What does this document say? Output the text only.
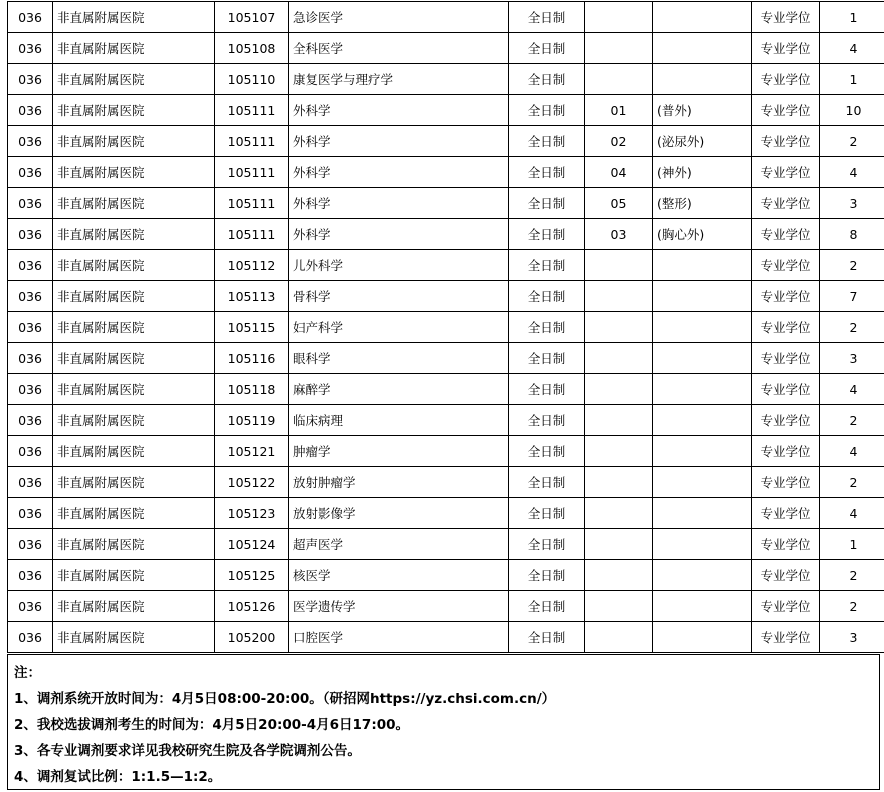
036	非直属附属医院	105107	急诊医学	全日制			专业学位	1
036	非直属附属医院	105108	全科医学	全日制			专业学位	4
036	非直属附属医院	105110	康复医学与理疗学	全日制			专业学位	1
036	非直属附属医院	105111	外科学	全日制	01	(普外)	专业学位	10
036	非直属附属医院	105111	外科学	全日制	02	(泌尿外)	专业学位	2
036	非直属附属医院	105111	外科学	全日制	04	(神外)	专业学位	4
036	非直属附属医院	105111	外科学	全日制	05	(整形)	专业学位	3
036	非直属附属医院	105111	外科学	全日制	03	(胸心外)	专业学位	8
036	非直属附属医院	105112	儿外科学	全日制			专业学位	2
036	非直属附属医院	105113	骨科学	全日制			专业学位	7
036	非直属附属医院	105115	妇产科学	全日制			专业学位	2
036	非直属附属医院	105116	眼科学	全日制			专业学位	3
036	非直属附属医院	105118	麻醉学	全日制			专业学位	4
036	非直属附属医院	105119	临床病理	全日制			专业学位	2
036	非直属附属医院	105121	肿瘤学	全日制			专业学位	4
036	非直属附属医院	105122	放射肿瘤学	全日制			专业学位	2
036	非直属附属医院	105123	放射影像学	全日制			专业学位	4
036	非直属附属医院	105124	超声医学	全日制			专业学位	1
036	非直属附属医院	105125	核医学	全日制			专业学位	2
036	非直属附属医院	105126	医学遗传学	全日制			专业学位	2
036	非直属附属医院	105200	口腔医学	全日制			专业学位	3
注：
1、调剂系统开放时间为：4月5日08:00-20:00。（研招网https://yz.chsi.com.cn/）
2、我校选拔调剂考生的时间为：4月5日20:00-4月6日17:00。
3、各专业调剂要求详见我校研究生院及各学院调剂公告。
4、调剂复试比例：1:1.5—1:2。
